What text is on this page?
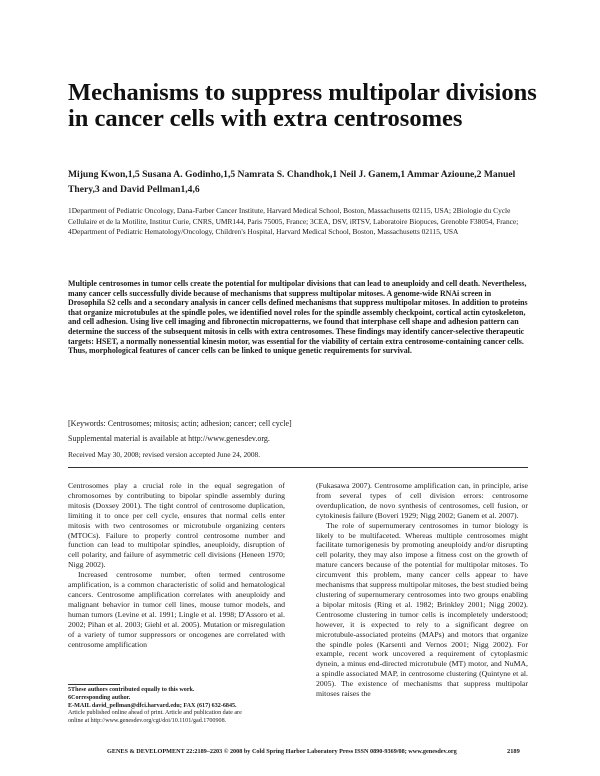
Mechanisms to suppress multipolar divisions in cancer cells with extra centrosomes
Mijung Kwon,1,5 Susana A. Godinho,1,5 Namrata S. Chandhok,1 Neil J. Ganem,1 Ammar Azioune,2 Manuel Thery,3 and David Pellman1,4,6
1Department of Pediatric Oncology, Dana-Farber Cancer Institute, Harvard Medical School, Boston, Massachusetts 02115, USA; 2Biologie du Cycle Cellulaire et de la Motilite, Institut Curie, CNRS, UMR144, Paris 75005, France; 3CEA, DSV, iRTSV, Laboratoire Biopuces, Grenoble F38054, France; 4Department of Pediatric Hematology/Oncology, Children's Hospital, Harvard Medical School, Boston, Massachusetts 02115, USA
Multiple centrosomes in tumor cells create the potential for multipolar divisions that can lead to aneuploidy and cell death. Nevertheless, many cancer cells successfully divide because of mechanisms that suppress multipolar mitoses. A genome-wide RNAi screen in Drosophila S2 cells and a secondary analysis in cancer cells defined mechanisms that suppress multipolar mitoses. In addition to proteins that organize microtubules at the spindle poles, we identified novel roles for the spindle assembly checkpoint, cortical actin cytoskeleton, and cell adhesion. Using live cell imaging and fibronectin micropatterns, we found that interphase cell shape and adhesion pattern can determine the success of the subsequent mitosis in cells with extra centrosomes. These findings may identify cancer-selective therapeutic targets: HSET, a normally nonessential kinesin motor, was essential for the viability of certain extra centrosome-containing cancer cells. Thus, morphological features of cancer cells can be linked to unique genetic requirements for survival.
[Keywords: Centrosomes; mitosis; actin; adhesion; cancer; cell cycle]
Supplemental material is available at http://www.genesdev.org.
Received May 30, 2008; revised version accepted June 24, 2008.

Centrosomes play a crucial role in the equal segregation of chromosomes by contributing to bipolar spindle assembly during mitosis (Doxsey 2001). The tight control of centrosome duplication, limiting it to once per cell cycle, ensures that normal cells enter mitosis with two centrosomes or microtubule organizing centers (MTOCs). Failure to properly control centrosome number and function can lead to multipolar spindles, aneuploidy, disruption of cell polarity, and failure of asymmetric cell divisions (Heneen 1970; Nigg 2002).

Increased centrosome number, often termed centrosome amplification, is a common characteristic of solid and hematological cancers. Centrosome amplification correlates with aneuploidy and malignant behavior in tumor cell lines, mouse tumor models, and human tumors (Levine et al. 1991; Lingle et al. 1998; D'Assoro et al. 2002; Pihan et al. 2003; Giehl et al. 2005). Mutation or misregulation of a variety of tumor suppressors or oncogenes are correlated with centrosome amplification

(Fukasawa 2007). Centrosome amplification can, in principle, arise from several types of cell division errors: centrosome overduplication, de novo synthesis of centrosomes, cell fusion, or cytokinesis failure (Boveri 1929; Nigg 2002; Ganem et al. 2007).

The role of supernumerary centrosomes in tumor biology is likely to be multifaceted. Whereas multiple centrosomes might facilitate tumorigenesis by promoting aneuploidy and/or disrupting cell polarity, they may also impose a fitness cost on the growth of mature cancers because of the potential for multipolar mitoses. To circumvent this problem, many cancer cells appear to have mechanisms that suppress multipolar mitoses, the best studied being clustering of supernumerary centrosomes into two groups enabling a bipolar mitosis (Ring et al. 1982; Brinkley 2001; Nigg 2002). Centrosome clustering in tumor cells is incompletely understood; however, it is expected to rely to a significant degree on microtubule-associated proteins (MAPs) and motors that organize the spindle poles (Karsenti and Vernos 2001; Nigg 2002). For example, recent work uncovered a requirement of cytoplasmic dynein, a minus end-directed microtubule (MT) motor, and NuMA, a spindle associated MAP, in centrosome clustering (Quintyne et al. 2005). The existence of mechanisms that suppress multipolar mitoses raises the

5These authors contributed equally to this work.
6Corresponding author.
E-MAIL david_pellman@dfci.harvard.edu; FAX (617) 632-6845.
Article published online ahead of print. Article and publication date are
online at http://www.genesdev.org/cgi/doi/10.1101/gad.1700908.
GENES & DEVELOPMENT 22:2189–2203 © 2008 by Cold Spring Harbor Laboratory Press ISSN 0890-9369/08; www.genesdev.org	2189
